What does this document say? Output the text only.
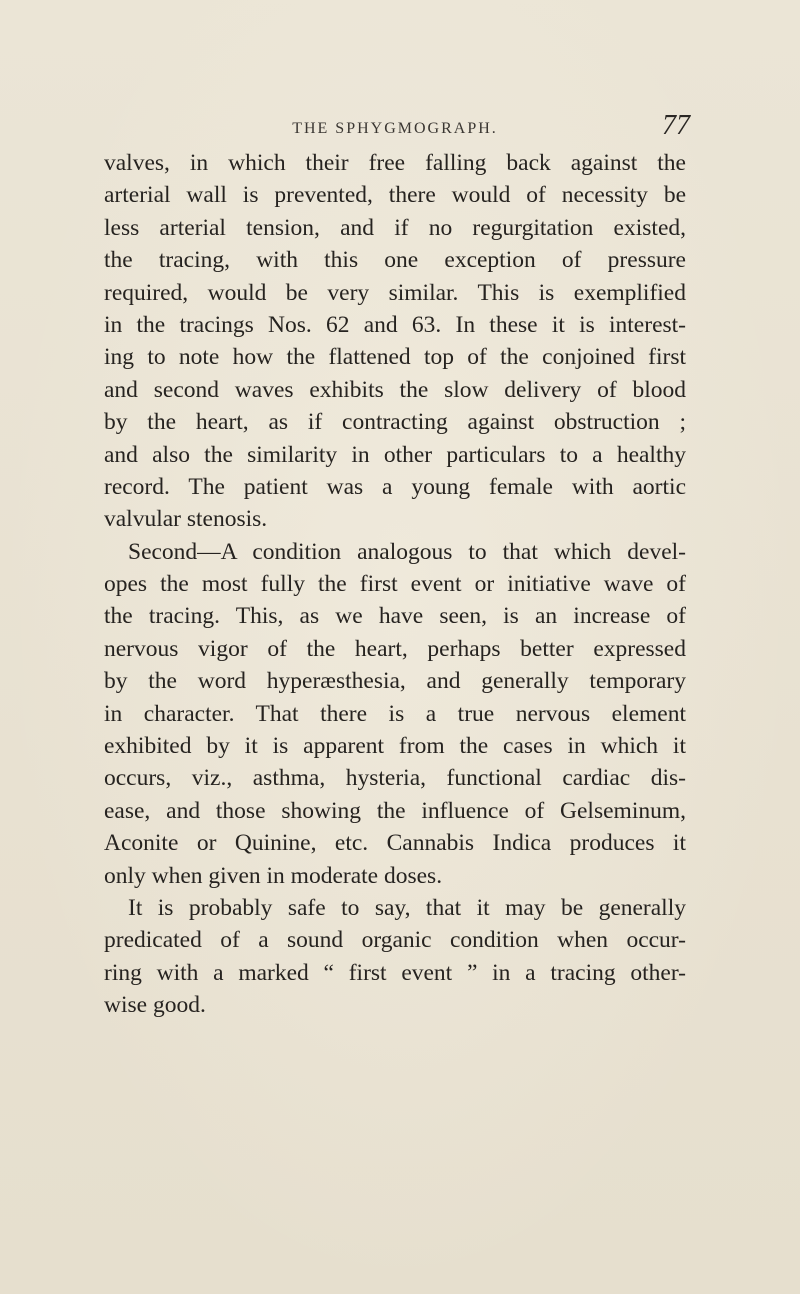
THE SPHYGMOGRAPH.	77
valves, in which their free falling back against the
arterial wall is prevented, there would of necessity be
less arterial tension, and if no regurgitation existed,
the tracing, with this one exception of pressure
required, would be very similar. This is exemplified
in the tracings Nos. 62 and 63. In these it is interest-
ing to note how the flattened top of the conjoined first
and second waves exhibits the slow delivery of blood
by the heart, as if contracting against obstruction ;
and also the similarity in other particulars to a healthy
record. The patient was a young female with aortic
valvular stenosis.
Second—A condition analogous to that which devel-
opes the most fully the first event or initiative wave of
the tracing. This, as we have seen, is an increase of
nervous vigor of the heart, perhaps better expressed
by the word hyperæsthesia, and generally temporary
in character. That there is a true nervous element
exhibited by it is apparent from the cases in which it
occurs, viz., asthma, hysteria, functional cardiac dis-
ease, and those showing the influence of Gelseminum,
Aconite or Quinine, etc. Cannabis Indica produces it
only when given in moderate doses.
It is probably safe to say, that it may be generally
predicated of a sound organic condition when occur-
ring with a marked “ first event ” in a tracing other-
wise good.
